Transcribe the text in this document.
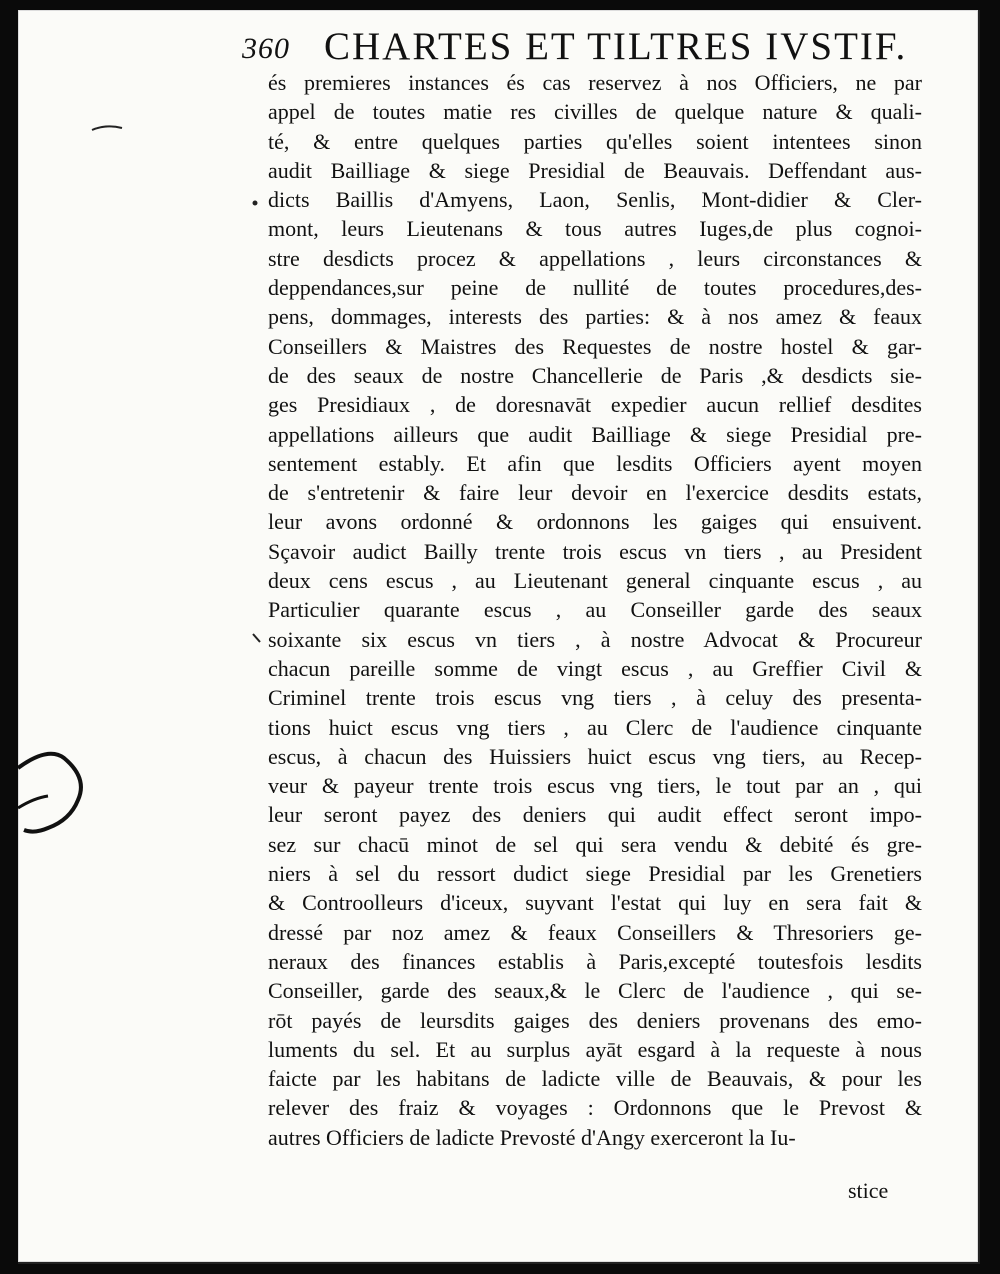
360 CHARTES ET TILTRES IVSTIF.
és premieres instances és cas reservez à nos Officiers, ne par
appel de toutes matie res civilles de quelque nature & quali-
té, & entre quelques parties qu'elles soient intentees sinon
audit Bailliage & siege Presidial de Beauvais. Deffendant aus-
dicts Baillis d'Amyens, Laon, Senlis, Mont-didier & Cler-
mont, leurs Lieutenans & tous autres Iuges,de plus cognoi-
stre desdicts procez & appellations , leurs circonstances &
deppendances,sur peine de nullité de toutes procedures,des-
pens, dommages, interests des parties: & à nos amez & feaux
Conseillers & Maistres des Requestes de nostre hostel & gar-
de des seaux de nostre Chancellerie de Paris ,& desdicts sie-
ges Presidiaux , de doresnavāt expedier aucun rellief desdites
appellations ailleurs que audit Bailliage & siege Presidial pre-
sentement estably. Et afin que lesdits Officiers ayent moyen
de s'entretenir & faire leur devoir en l'exercice desdits estats,
leur avons ordonné & ordonnons les gaiges qui ensuivent.
Sçavoir audict Bailly trente trois escus vn tiers , au President
deux cens escus , au Lieutenant general cinquante escus , au
Particulier quarante escus , au Conseiller garde des seaux
soixante six escus vn tiers , à nostre Advocat & Procureur
chacun pareille somme de vingt escus , au Greffier Civil &
Criminel trente trois escus vng tiers , à celuy des presenta-
tions huict escus vng tiers , au Clerc de l'audience cinquante
escus, à chacun des Huissiers huict escus vng tiers, au Recep-
veur & payeur trente trois escus vng tiers, le tout par an , qui
leur seront payez des deniers qui audit effect seront impo-
sez sur chacū minot de sel qui sera vendu & debité és gre-
niers à sel du ressort dudict siege Presidial par les Grenetiers
& Controolleurs d'iceux, suyvant l'estat qui luy en sera fait &
dressé par noz amez & feaux Conseillers & Thresoriers ge-
neraux des finances establis à Paris,excepté toutesfois lesdits
Conseiller, garde des seaux,& le Clerc de l'audience , qui se-
rōt payés de leursdits gaiges des deniers provenans des emo-
luments du sel. Et au surplus ayāt esgard à la requeste à nous
faicte par les habitans de ladicte ville de Beauvais, & pour les
relever des fraiz & voyages : Ordonnons que le Prevost &
autres Officiers de ladicte Prevosté d'Angy exerceront la Iu-
stice
